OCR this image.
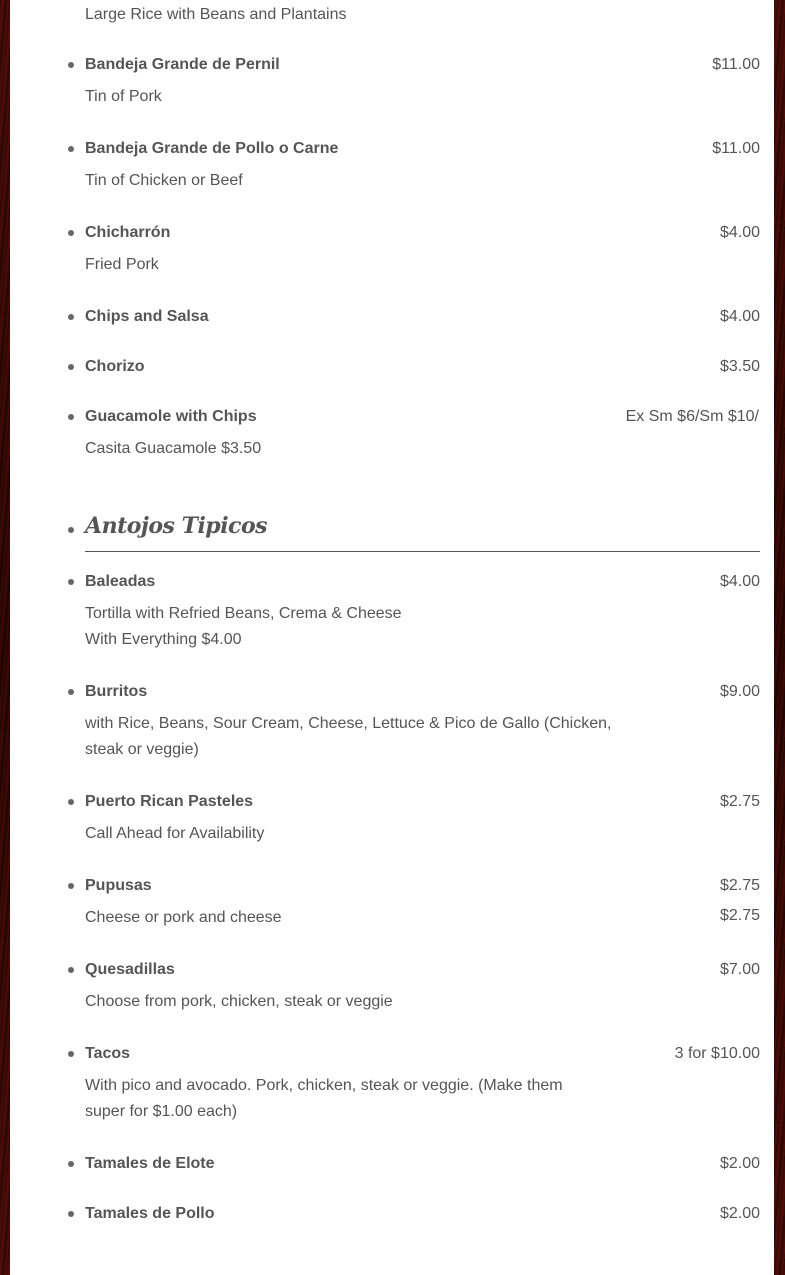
Large Rice with Beans and Plantains
Bandeja Grande de Pernil	$11.00
Tin of Pork
Bandeja Grande de Pollo o Carne	$11.00
Tin of Chicken or Beef
Chicharrón	$4.00
Fried Pork
Chips and Salsa	$4.00
Chorizo	$3.50
Guacamole with Chips	Ex Sm $6/Sm $10/
Casita Guacamole $3.50
Antojos Tipicos
Baleadas	$4.00
Tortilla with Refried Beans, Crema & Cheese
With Everything $4.00
Burritos	$9.00
with Rice, Beans, Sour Cream, Cheese, Lettuce & Pico de Gallo (Chicken,
steak or veggie)
Puerto Rican Pasteles	$2.75
Call Ahead for Availability
Pupusas	$2.75
$2.75
Cheese or pork and cheese
Quesadillas	$7.00
Choose from pork, chicken, steak or veggie
Tacos	3 for $10.00
With pico and avocado. Pork, chicken, steak or veggie. (Make them
super for $1.00 each)
Tamales de Elote	$2.00
Tamales de Pollo	$2.00
